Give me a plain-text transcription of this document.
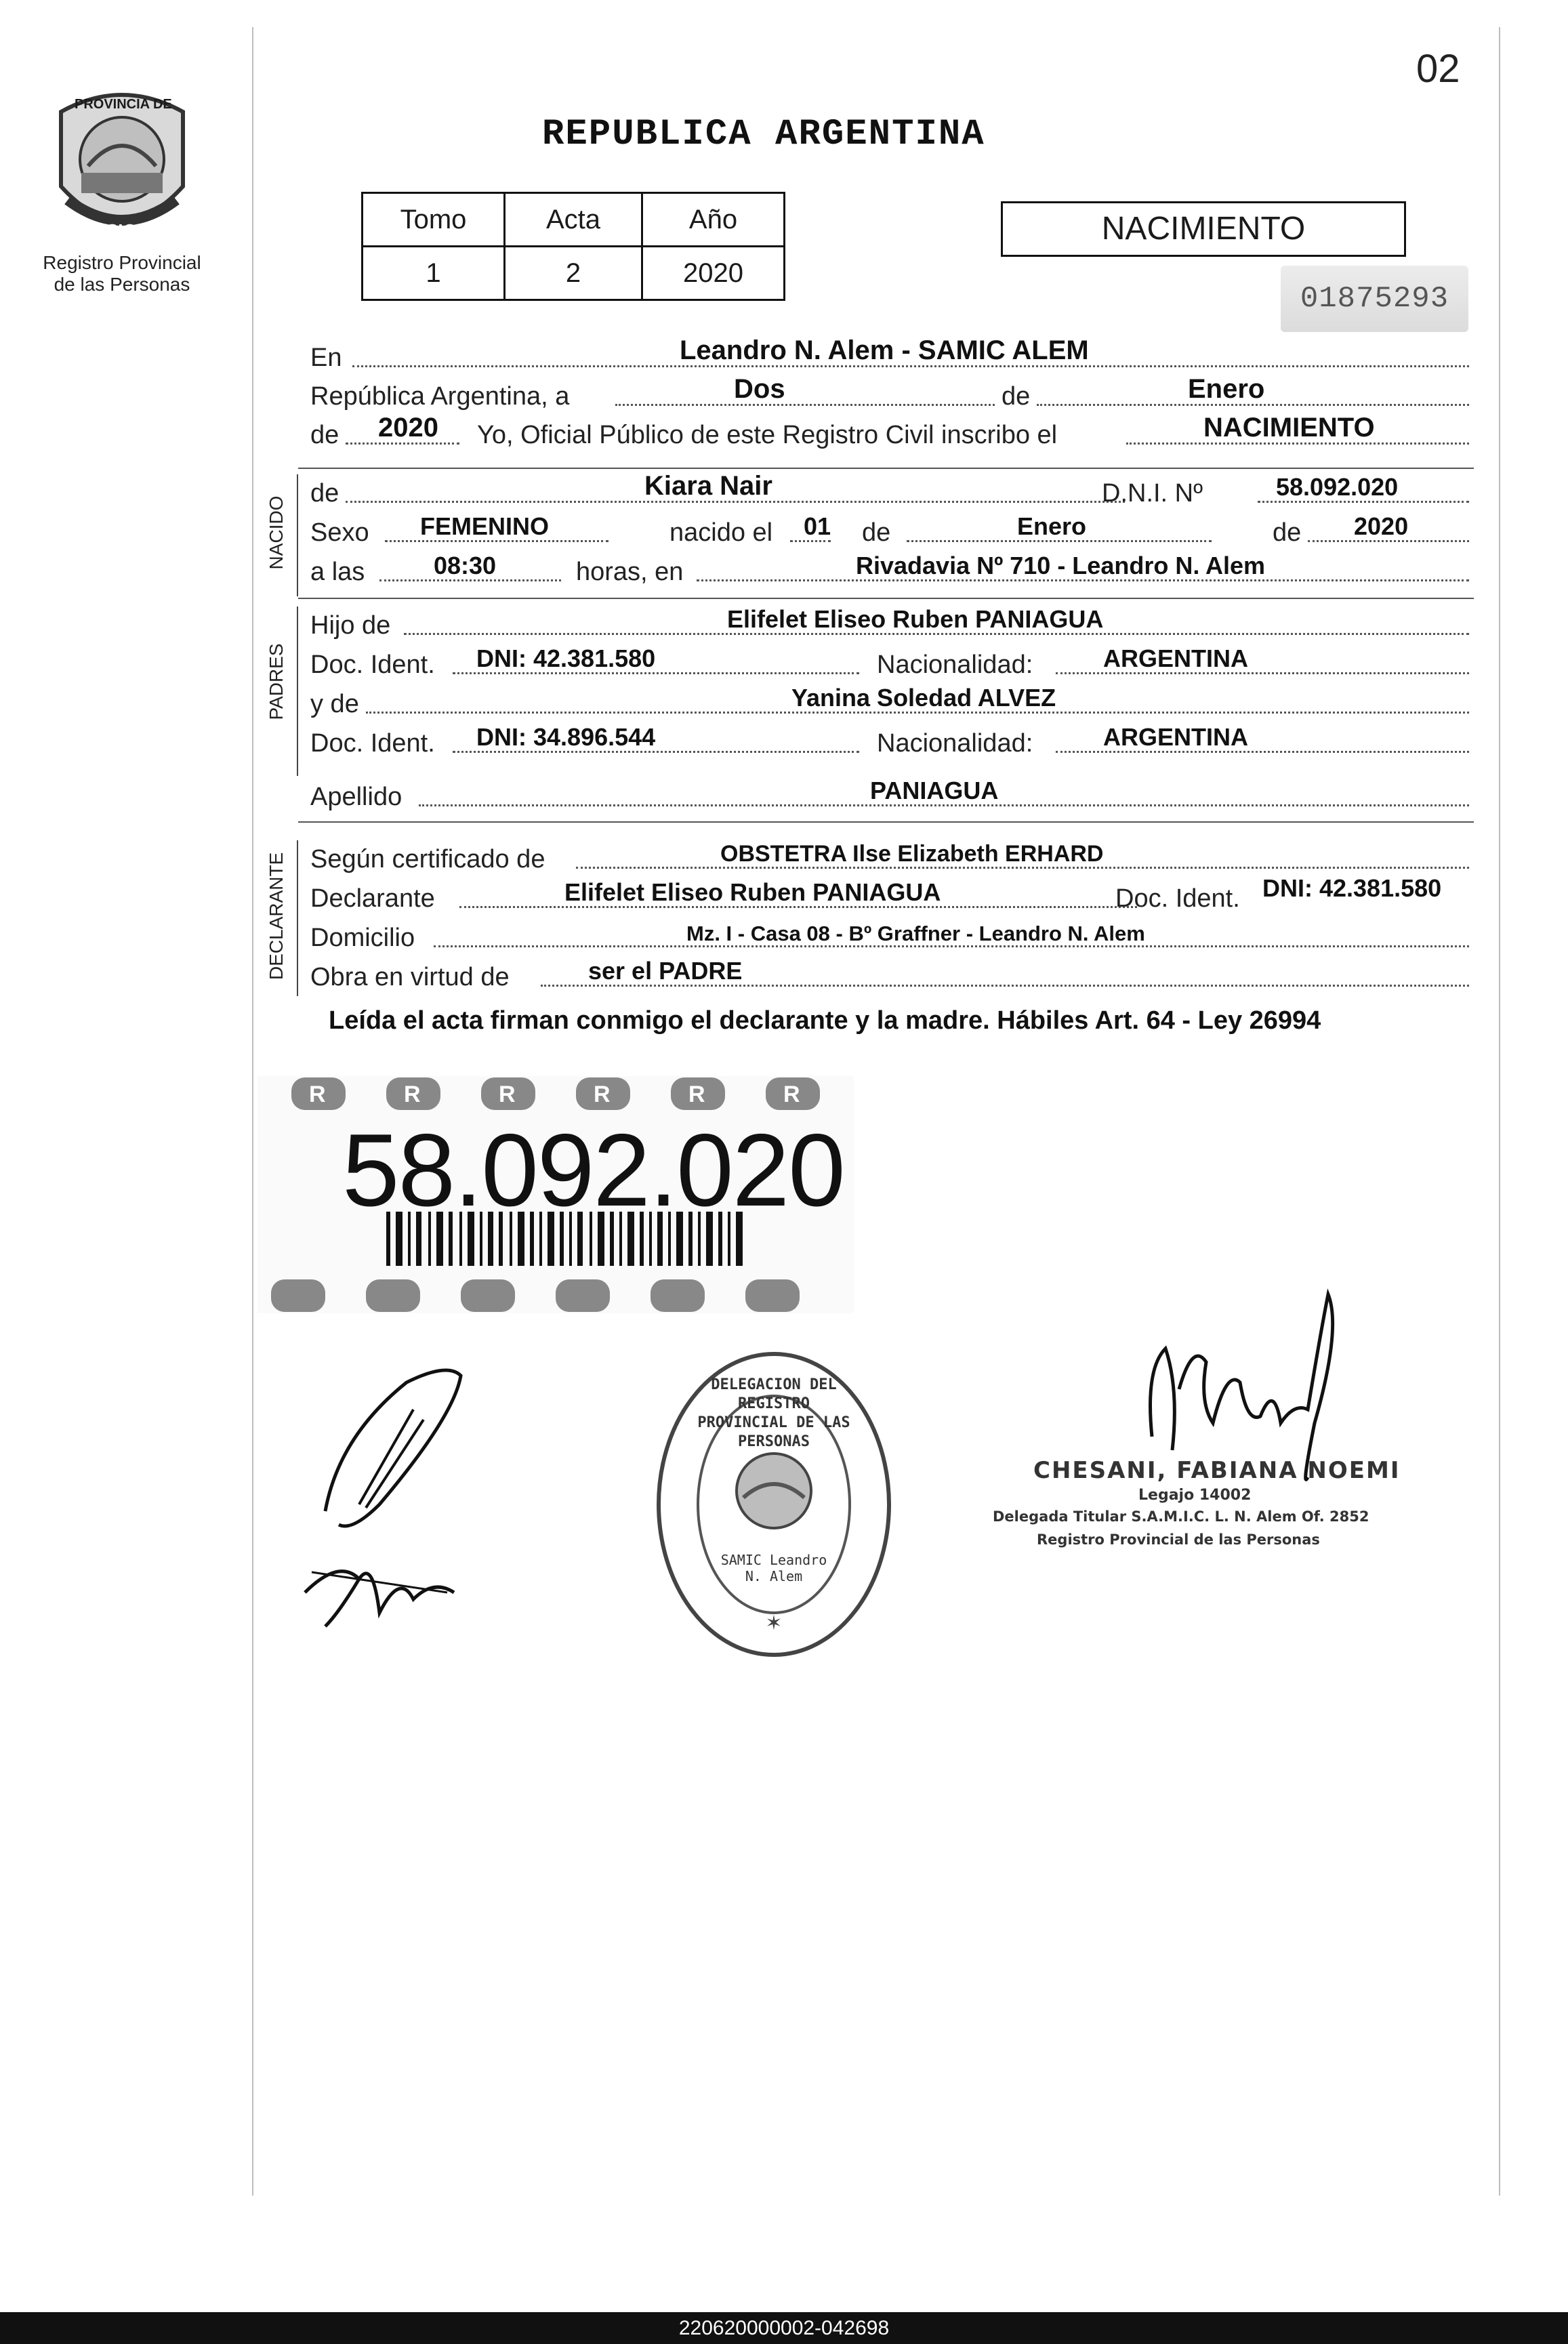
PROVINCIA DE
MISIONES
Registro Provincial
de las Personas
02
REPUBLICA ARGENTINA
Tomo	Acta	Año
1	2	2020
NACIMIENTO
01875293
En	Leandro N. Alem - SAMIC ALEM
República Argentina, a	Dos	de	Enero
de 2020 Yo, Oficial Público de este Registro Civil inscribo el	NACIMIENTO
NACIDO
de	Kiara Nair	D.N.I. Nº	58.092.020
Sexo FEMENINO	nacido el 01 de	Enero	de 2020
a las	08:30	horas, en	Rivadavia Nº 710 - Leandro N. Alem
PADRES
Hijo de	Elifelet Eliseo Ruben PANIAGUA
Doc. Ident. DNI: 42.381.580	Nacionalidad:	ARGENTINA
y de	Yanina Soledad ALVEZ
Doc. Ident. DNI: 34.896.544	Nacionalidad:	ARGENTINA
Apellido	PANIAGUA
DECLARANTE Según certificado de	OBSTETRA Ilse Elizabeth ERHARD
Declarante	Elifelet Eliseo Ruben PANIAGUA	Doc. Ident. DNI: 42.381.580
Domicilio	Mz. I - Casa 08 - Bº Graffner - Leandro N. Alem
Obra en virtud de	ser el PADRE
Leída el acta firman conmigo el declarante y la madre. Hábiles Art. 64 - Ley 26994
R	R	R	R	R	R
58.092.020
✶
DELEGACION DEL REGISTRO PROVINCIAL DE LAS PERSONAS
SAMIC Leandro N. Alem
CHESANI, FABIANA NOEMI
Legajo 14002
Delegada Titular S.A.M.I.C. L. N. Alem Of. 2852
Registro Provincial de las Personas
220620000002-042698
